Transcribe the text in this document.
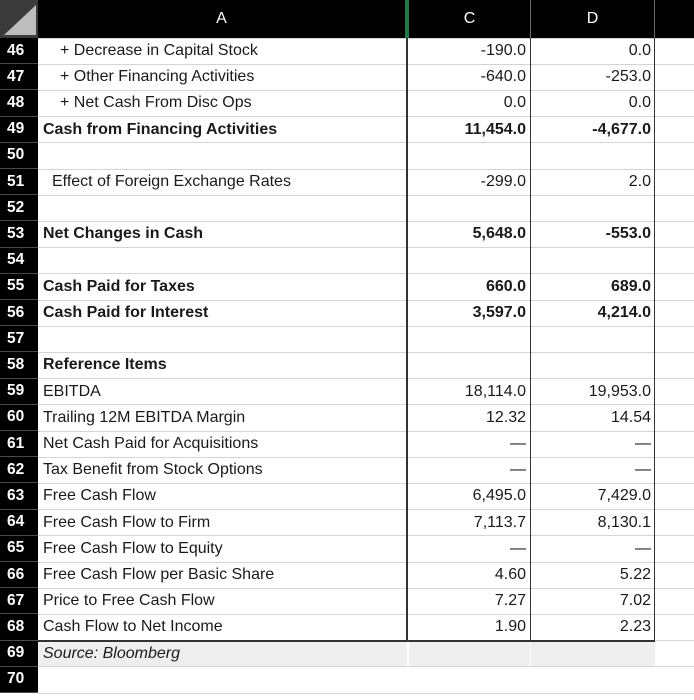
A	C	D
46	+ Decrease in Capital Stock	-190.0	0.0
47	+ Other Financing Activities	-640.0	-253.0
48	+ Net Cash From Disc Ops	0.0	0.0
49	Cash from Financing Activities	11,454.0	-4,677.0
50
51	Effect of Foreign Exchange Rates	-299.0	2.0
52
53	Net Changes in Cash	5,648.0	-553.0
54
55	Cash Paid for Taxes	660.0	689.0
56	Cash Paid for Interest	3,597.0	4,214.0
57
58	Reference Items
59	EBITDA	18,114.0	19,953.0
60	Trailing 12M EBITDA Margin	12.32	14.54
61	Net Cash Paid for Acquisitions	—	—
62	Tax Benefit from Stock Options	—	—
63	Free Cash Flow	6,495.0	7,429.0
64	Free Cash Flow to Firm	7,113.7	8,130.1
65	Free Cash Flow to Equity	—	—
66	Free Cash Flow per Basic Share	4.60	5.22
67	Price to Free Cash Flow	7.27	7.02
68	Cash Flow to Net Income	1.90	2.23
69	Source: Bloomberg
70
